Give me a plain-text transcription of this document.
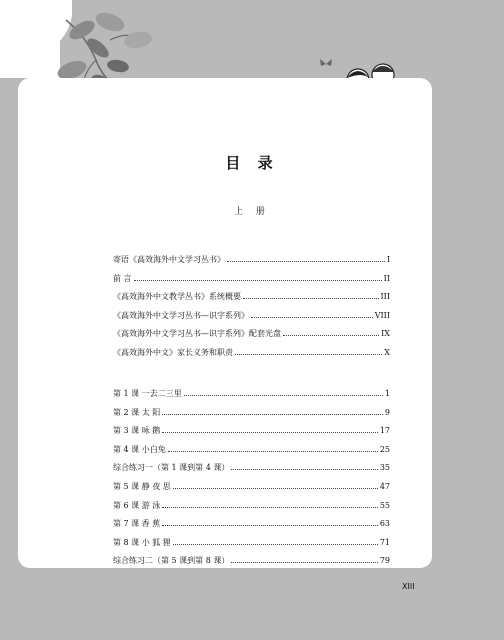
目 录
上 册
寄语《高效海外中文学习丛书》	I
前 言	II
《高效海外中文教学丛书》系统概要	III
《高效海外中文学习丛书—识字系列》	VIII
《高效海外中文学习丛书—识字系列》配套光盘	IX
《高效海外中文》家长义务和职责	X
第 1 课 一去二三里	1
第 2 课 太 阳	9
第 3 课 咏 鹅	17
第 4 课 小白兔	25
综合练习一（第 1 课到第 4 课）	35
第 5 课 静 夜 思	47
第 6 课 游 泳	55
第 7 课 香 蕉	63
第 8 课 小 狐 狸	71
综合练习二（第 5 课到第 8 课）	79
XIII
